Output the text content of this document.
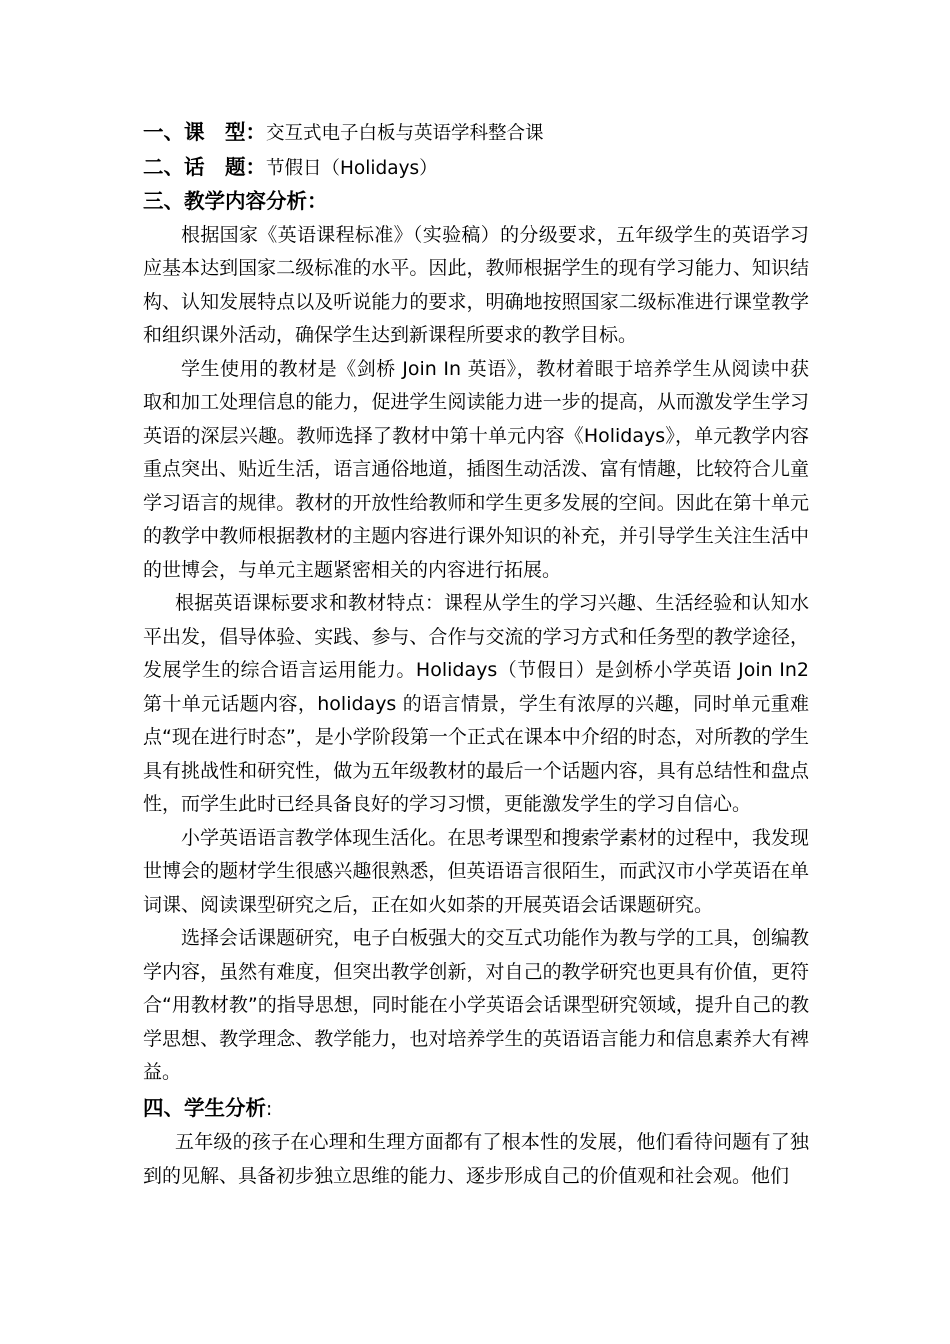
一、课　型：交互式电子白板与英语学科整合课

二、话　题：节假日（Holidays）

三、教学内容分析：

根据国家《英语课程标准》（实验稿）的分级要求，五年级学生的英语学习应基本达到国家二级标准的水平。因此，教师根据学生的现有学习能力、知识结构、认知发展特点以及听说能力的要求，明确地按照国家二级标准进行课堂教学和组织课外活动，确保学生达到新课程所要求的教学目标。

学生使用的教材是《剑桥 Join In 英语》，教材着眼于培养学生从阅读中获取和加工处理信息的能力，促进学生阅读能力进一步的提高，从而激发学生学习英语的深层兴趣。教师选择了教材中第十单元内容《Holidays》，单元教学内容重点突出、贴近生活，语言通俗地道，插图生动活泼、富有情趣，比较符合儿童学习语言的规律。教材的开放性给教师和学生更多发展的空间。因此在第十单元的教学中教师根据教材的主题内容进行课外知识的补充，并引导学生关注生活中的世博会，与单元主题紧密相关的内容进行拓展。

根据英语课标要求和教材特点：课程从学生的学习兴趣、生活经验和认知水平出发，倡导体验、实践、参与、合作与交流的学习方式和任务型的教学途径，发展学生的综合语言运用能力。Holidays（节假日）是剑桥小学英语 Join In2 第十单元话题内容，holidays 的语言情景，学生有浓厚的兴趣，同时单元重难点“现在进行时态”，是小学阶段第一个正式在课本中介绍的时态，对所教的学生具有挑战性和研究性，做为五年级教材的最后一个话题内容，具有总结性和盘点性，而学生此时已经具备良好的学习习惯，更能激发学生的学习自信心。

小学英语语言教学体现生活化。在思考课型和搜索学素材的过程中，我发现世博会的题材学生很感兴趣很熟悉，但英语语言很陌生，而武汉市小学英语在单词课、阅读课型研究之后，正在如火如荼的开展英语会话课题研究。

选择会话课题研究，电子白板强大的交互式功能作为教与学的工具，创编教学内容，虽然有难度，但突出教学创新，对自己的教学研究也更具有价值，更符合“用教材教”的指导思想，同时能在小学英语会话课型研究领域，提升自己的教学思想、教学理念、教学能力，也对培养学生的英语语言能力和信息素养大有裨益。

四、学生分析:

五年级的孩子在心理和生理方面都有了根本性的发展，他们看待问题有了独到的见解、具备初步独立思维的能力、逐步形成自己的价值观和社会观。他们
